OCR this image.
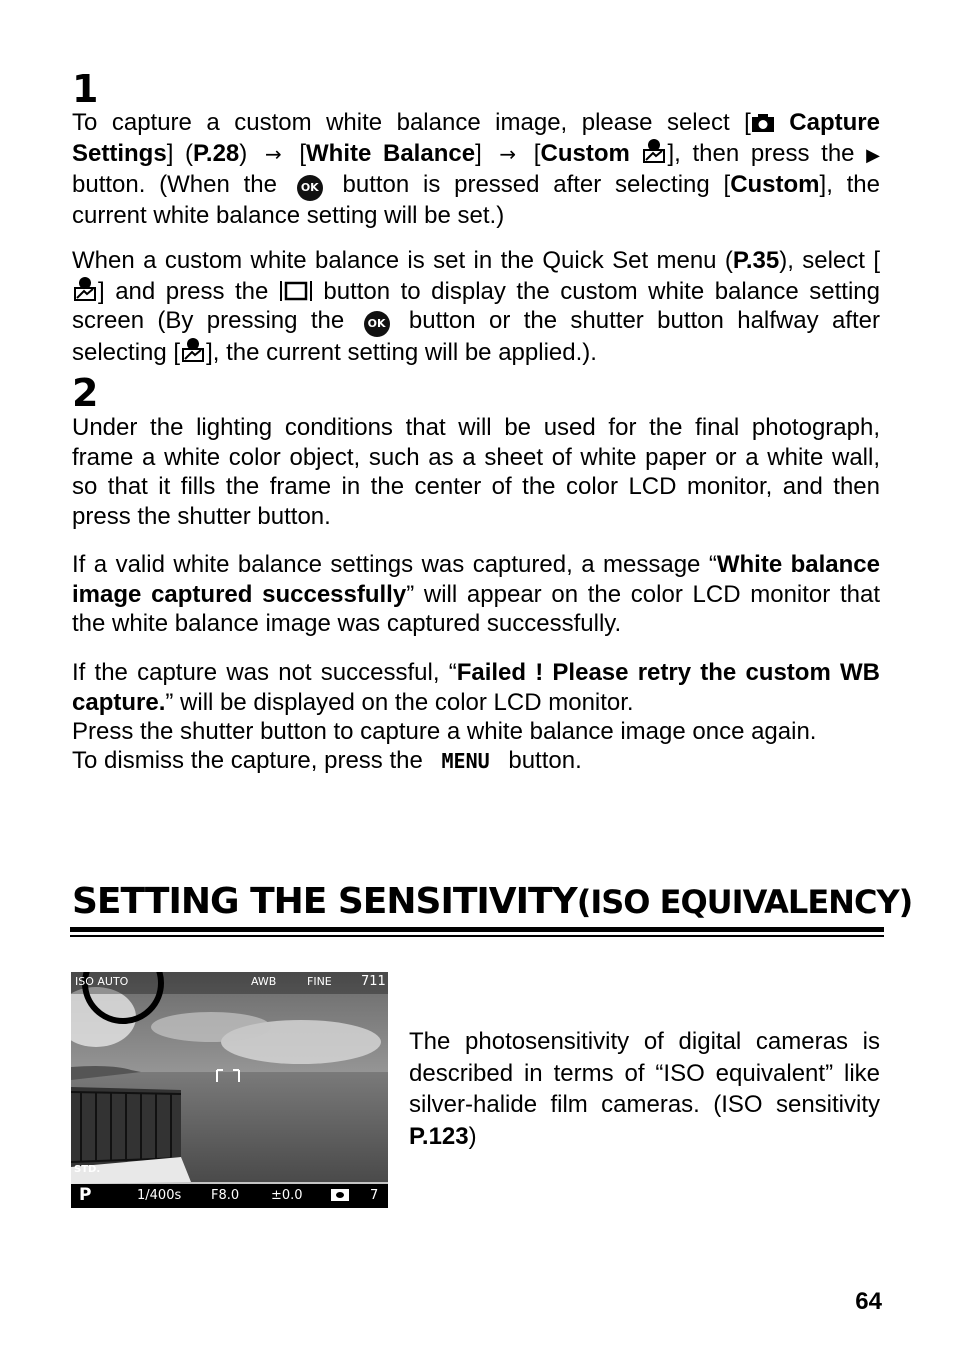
1

To capture a custom white balance image, please select [ Capture Settings] (P.28) → [White Balance] → [Custom ], then press the ▶ button. (When the OK button is pressed after selecting [Custom], the current white balance setting will be set.)

When a custom white balance is set in the Quick Set menu (P.35), select [] and press the  button to display the custom white balance setting screen (By pressing the OK button or the shutter button halfway after selecting [ ], the current setting will be applied.).

2

Under the lighting conditions that will be used for the final photograph, frame a white color object, such as a sheet of white paper or a white wall, so that it fills the frame in the center of the color LCD monitor, and then press the shutter button.

If a valid white balance settings was captured, a message “White balance image captured successfully” will appear on the color LCD monitor that the white balance image was captured successfully.

If the capture was not successful, “Failed ! Please retry the custom WB capture.” will be displayed on the color LCD monitor.

Press the shutter button to capture a white balance image once again.

To dismiss the capture, press the MENU button.

SETTING THE SENSITIVITY(ISO EQUIVALENCY)
ISO AUTO	AWB	FINE 711
STD.
P	1/400s F8.0 ±0.0	7

The photosensitivity of digital cameras is described in terms of “ISO equivalent” like silver-halide film cameras. (ISO sensitivity P.123)

64
